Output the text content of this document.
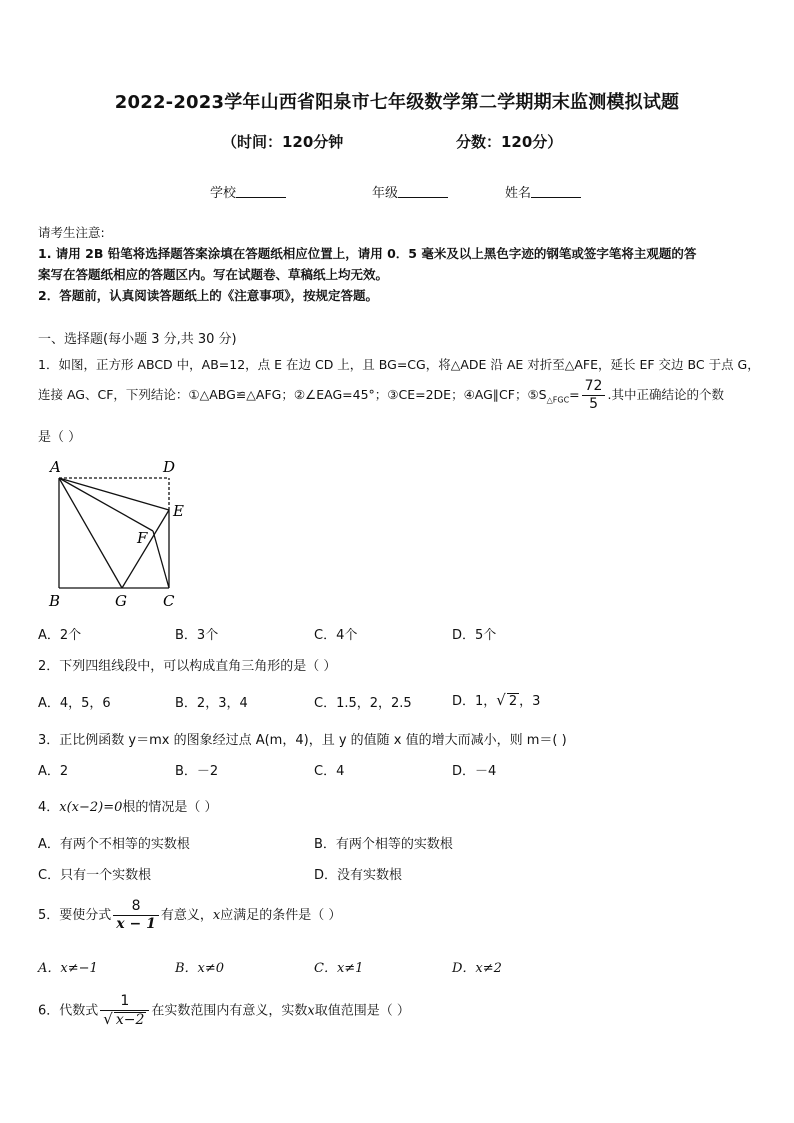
2022-2023学年山西省阳泉市七年级数学第二学期期末监测模拟试题
（时间：120分钟	分数：120分）
学校	年级	姓名
请考生注意:
1. 请用 2B 铅笔将选择题答案涂填在答题纸相应位置上，请用 0．5 毫米及以上黑色字迹的钢笔或签字笔将主观题的答
案写在答题纸相应的答题区内。写在试题卷、草稿纸上均无效。
2．答题前，认真阅读答题纸上的《注意事项》，按规定答题。
一、选择题(每小题 3 分,共 30 分)
1．如图，正方形 ABCD 中，AB=12，点 E 在边 CD 上，且 BG=CG，将△ADE 沿 AE 对折至△AFE，延长 EF 交边 BC 于点 G，
连接 AG、CF，下列结论：①△ABG≌△AFG；②∠EAG=45°；③CE=2DE；④AG∥CF；$⑤S_{\triangle FGC}= \frac{72}{5}$ .其中正确结论的个数
是（ ）
A	D
E
F
B	G C
A．2个	B．3个	C．4个	D．5个
2．下列四组线段中，可以构成直角三角形的是（ ）
A．4，5，6	B．2，3，4	C．1.5，2，2.5	D．1，√ 2 ，3
3．正比例函数 y＝mx 的图象经过点 A(m，4)，且 y 的值随 x 值的增大而减小，则 m＝( )
A．2	B．－2	C．4	D．－4
4．x(x−2)=0根的情况是（ ）
A．有两个不相等的实数根	B．有两个相等的实数根
C．只有一个实数根	D．没有实数根
5．要使分式 $\frac{8}{x - 1}$ 有意义，x应满足的条件是（ ）
A．x≠−1	B．x≠0	C．x≠1	D．x≠2
6．代数式 $\frac{1}{√ x-2}$ 在实数范围内有意义，实数x取值范围是（ ）
